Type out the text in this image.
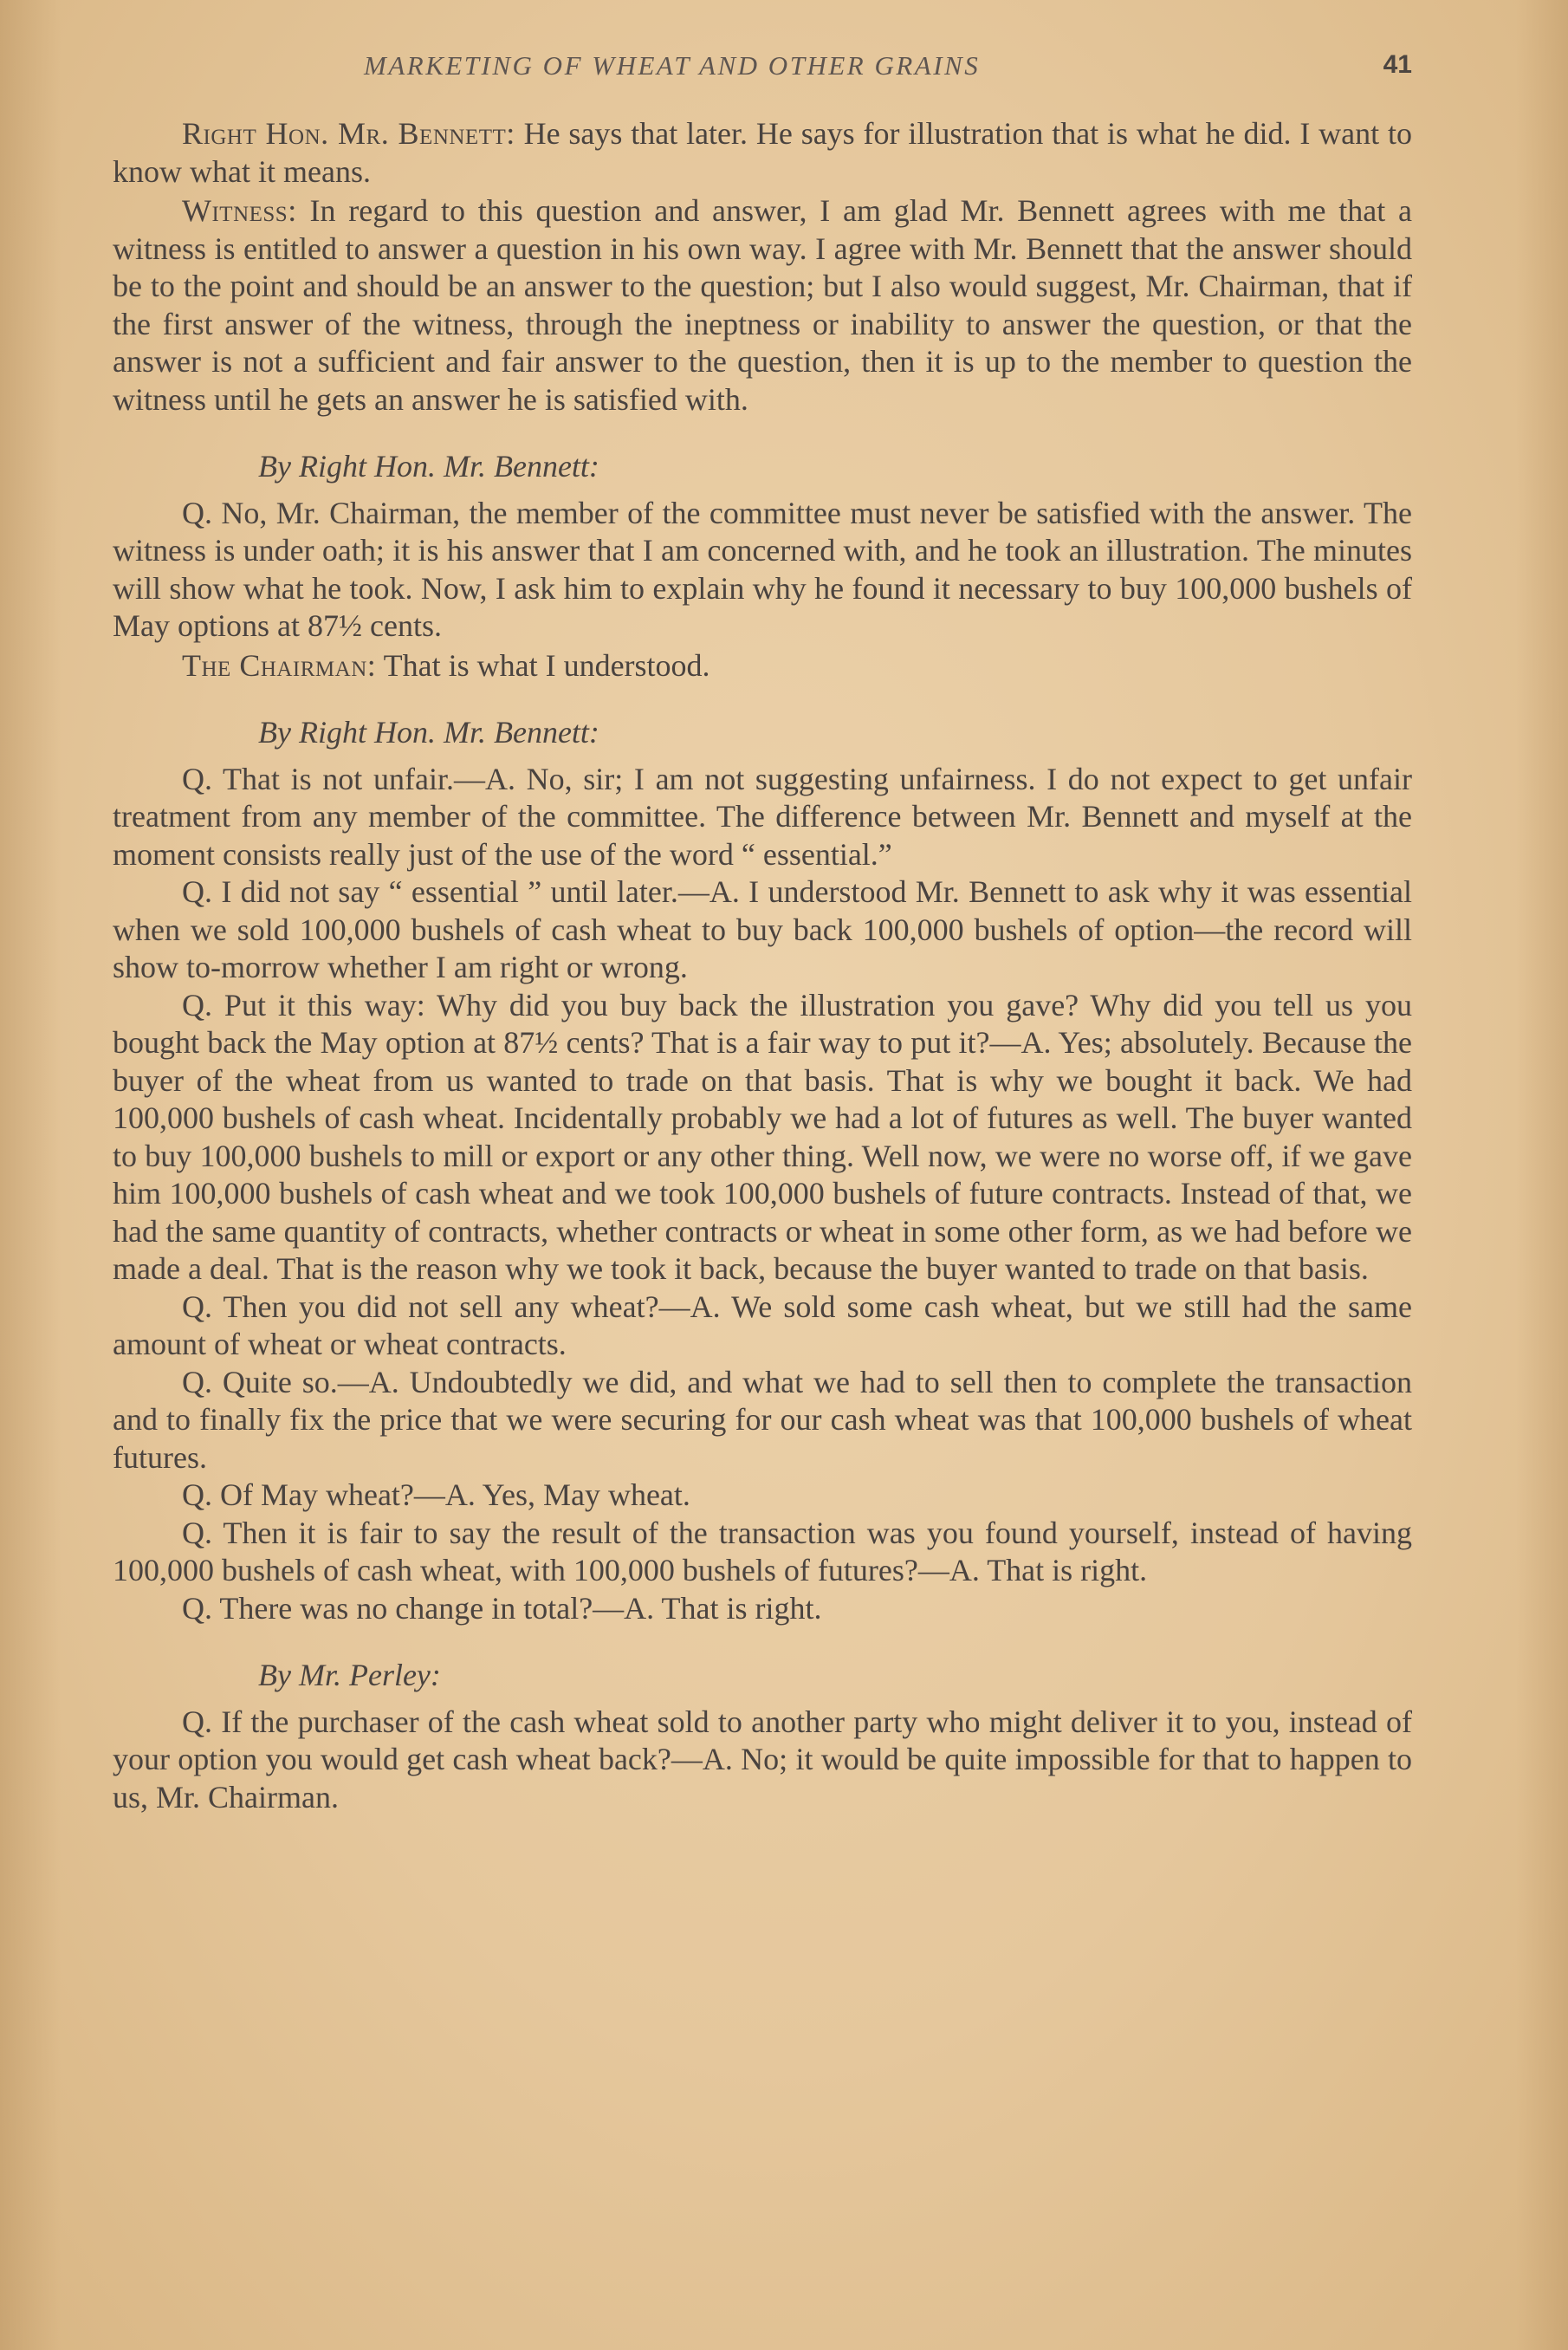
MARKETING OF WHEAT AND OTHER GRAINS	41

Right Hon. Mr. Bennett: He says that later. He says for illustration that is what he did. I want to know what it means.

Witness: In regard to this question and answer, I am glad Mr. Bennett agrees with me that a witness is entitled to answer a question in his own way. I agree with Mr. Bennett that the answer should be to the point and should be an answer to the question; but I also would suggest, Mr. Chairman, that if the first answer of the witness, through the ineptness or inability to answer the question, or that the answer is not a sufficient and fair answer to the question, then it is up to the member to question the witness until he gets an answer he is satisfied with.

By Right Hon. Mr. Bennett:

Q. No, Mr. Chairman, the member of the committee must never be satisfied with the answer. The witness is under oath; it is his answer that I am concerned with, and he took an illustration. The minutes will show what he took. Now, I ask him to explain why he found it necessary to buy 100,000 bushels of May options at 87½ cents.

The Chairman: That is what I understood.

By Right Hon. Mr. Bennett:

Q. That is not unfair.—A. No, sir; I am not suggesting unfairness. I do not expect to get unfair treatment from any member of the committee. The difference between Mr. Bennett and myself at the moment consists really just of the use of the word “ essential.”

Q. I did not say “ essential ” until later.—A. I understood Mr. Bennett to ask why it was essential when we sold 100,000 bushels of cash wheat to buy back 100,000 bushels of option—the record will show to-morrow whether I am right or wrong.

Q. Put it this way: Why did you buy back the illustration you gave? Why did you tell us you bought back the May option at 87½ cents? That is a fair way to put it?—A. Yes; absolutely. Because the buyer of the wheat from us wanted to trade on that basis. That is why we bought it back. We had 100,000 bushels of cash wheat. Incidentally probably we had a lot of futures as well. The buyer wanted to buy 100,000 bushels to mill or export or any other thing. Well now, we were no worse off, if we gave him 100,000 bushels of cash wheat and we took 100,000 bushels of future contracts. Instead of that, we had the same quantity of contracts, whether contracts or wheat in some other form, as we had before we made a deal. That is the reason why we took it back, because the buyer wanted to trade on that basis.

Q. Then you did not sell any wheat?—A. We sold some cash wheat, but we still had the same amount of wheat or wheat contracts.

Q. Quite so.—A. Undoubtedly we did, and what we had to sell then to complete the transaction and to finally fix the price that we were securing for our cash wheat was that 100,000 bushels of wheat futures.

Q. Of May wheat?—A. Yes, May wheat.

Q. Then it is fair to say the result of the transaction was you found yourself, instead of having 100,000 bushels of cash wheat, with 100,000 bushels of futures?—A. That is right.

Q. There was no change in total?—A. That is right.

By Mr. Perley:

Q. If the purchaser of the cash wheat sold to another party who might deliver it to you, instead of your option you would get cash wheat back?—A. No; it would be quite impossible for that to happen to us, Mr. Chairman.
